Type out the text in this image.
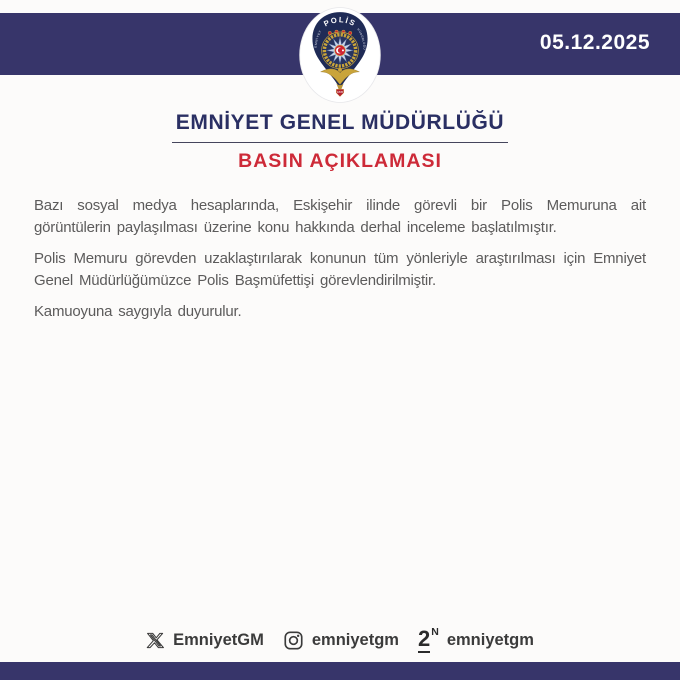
05.12.2025
POLİS
EMNİYET	MÜDÜRLÜĞÜ
1845
EMNİYET GENEL MÜDÜRLÜĞÜ
BASIN AÇIKLAMASI

Bazı sosyal medya hesaplarında, Eskişehir ilinde görevli bir Polis Memuruna ait görüntülerin paylaşılması üzerine konu hakkında derhal inceleme başlatılmıştır.

Polis Memuru görevden uzaklaştırılarak konunun tüm yönleriyle araştırılması için Emniyet Genel Müdürlüğümüzce Polis Başmüfettişi görevlendirilmiştir.

Kamuoyuna saygıyla duyurulur.

EmniyetGM	emniyetgm $2^N$ emniyetgm
